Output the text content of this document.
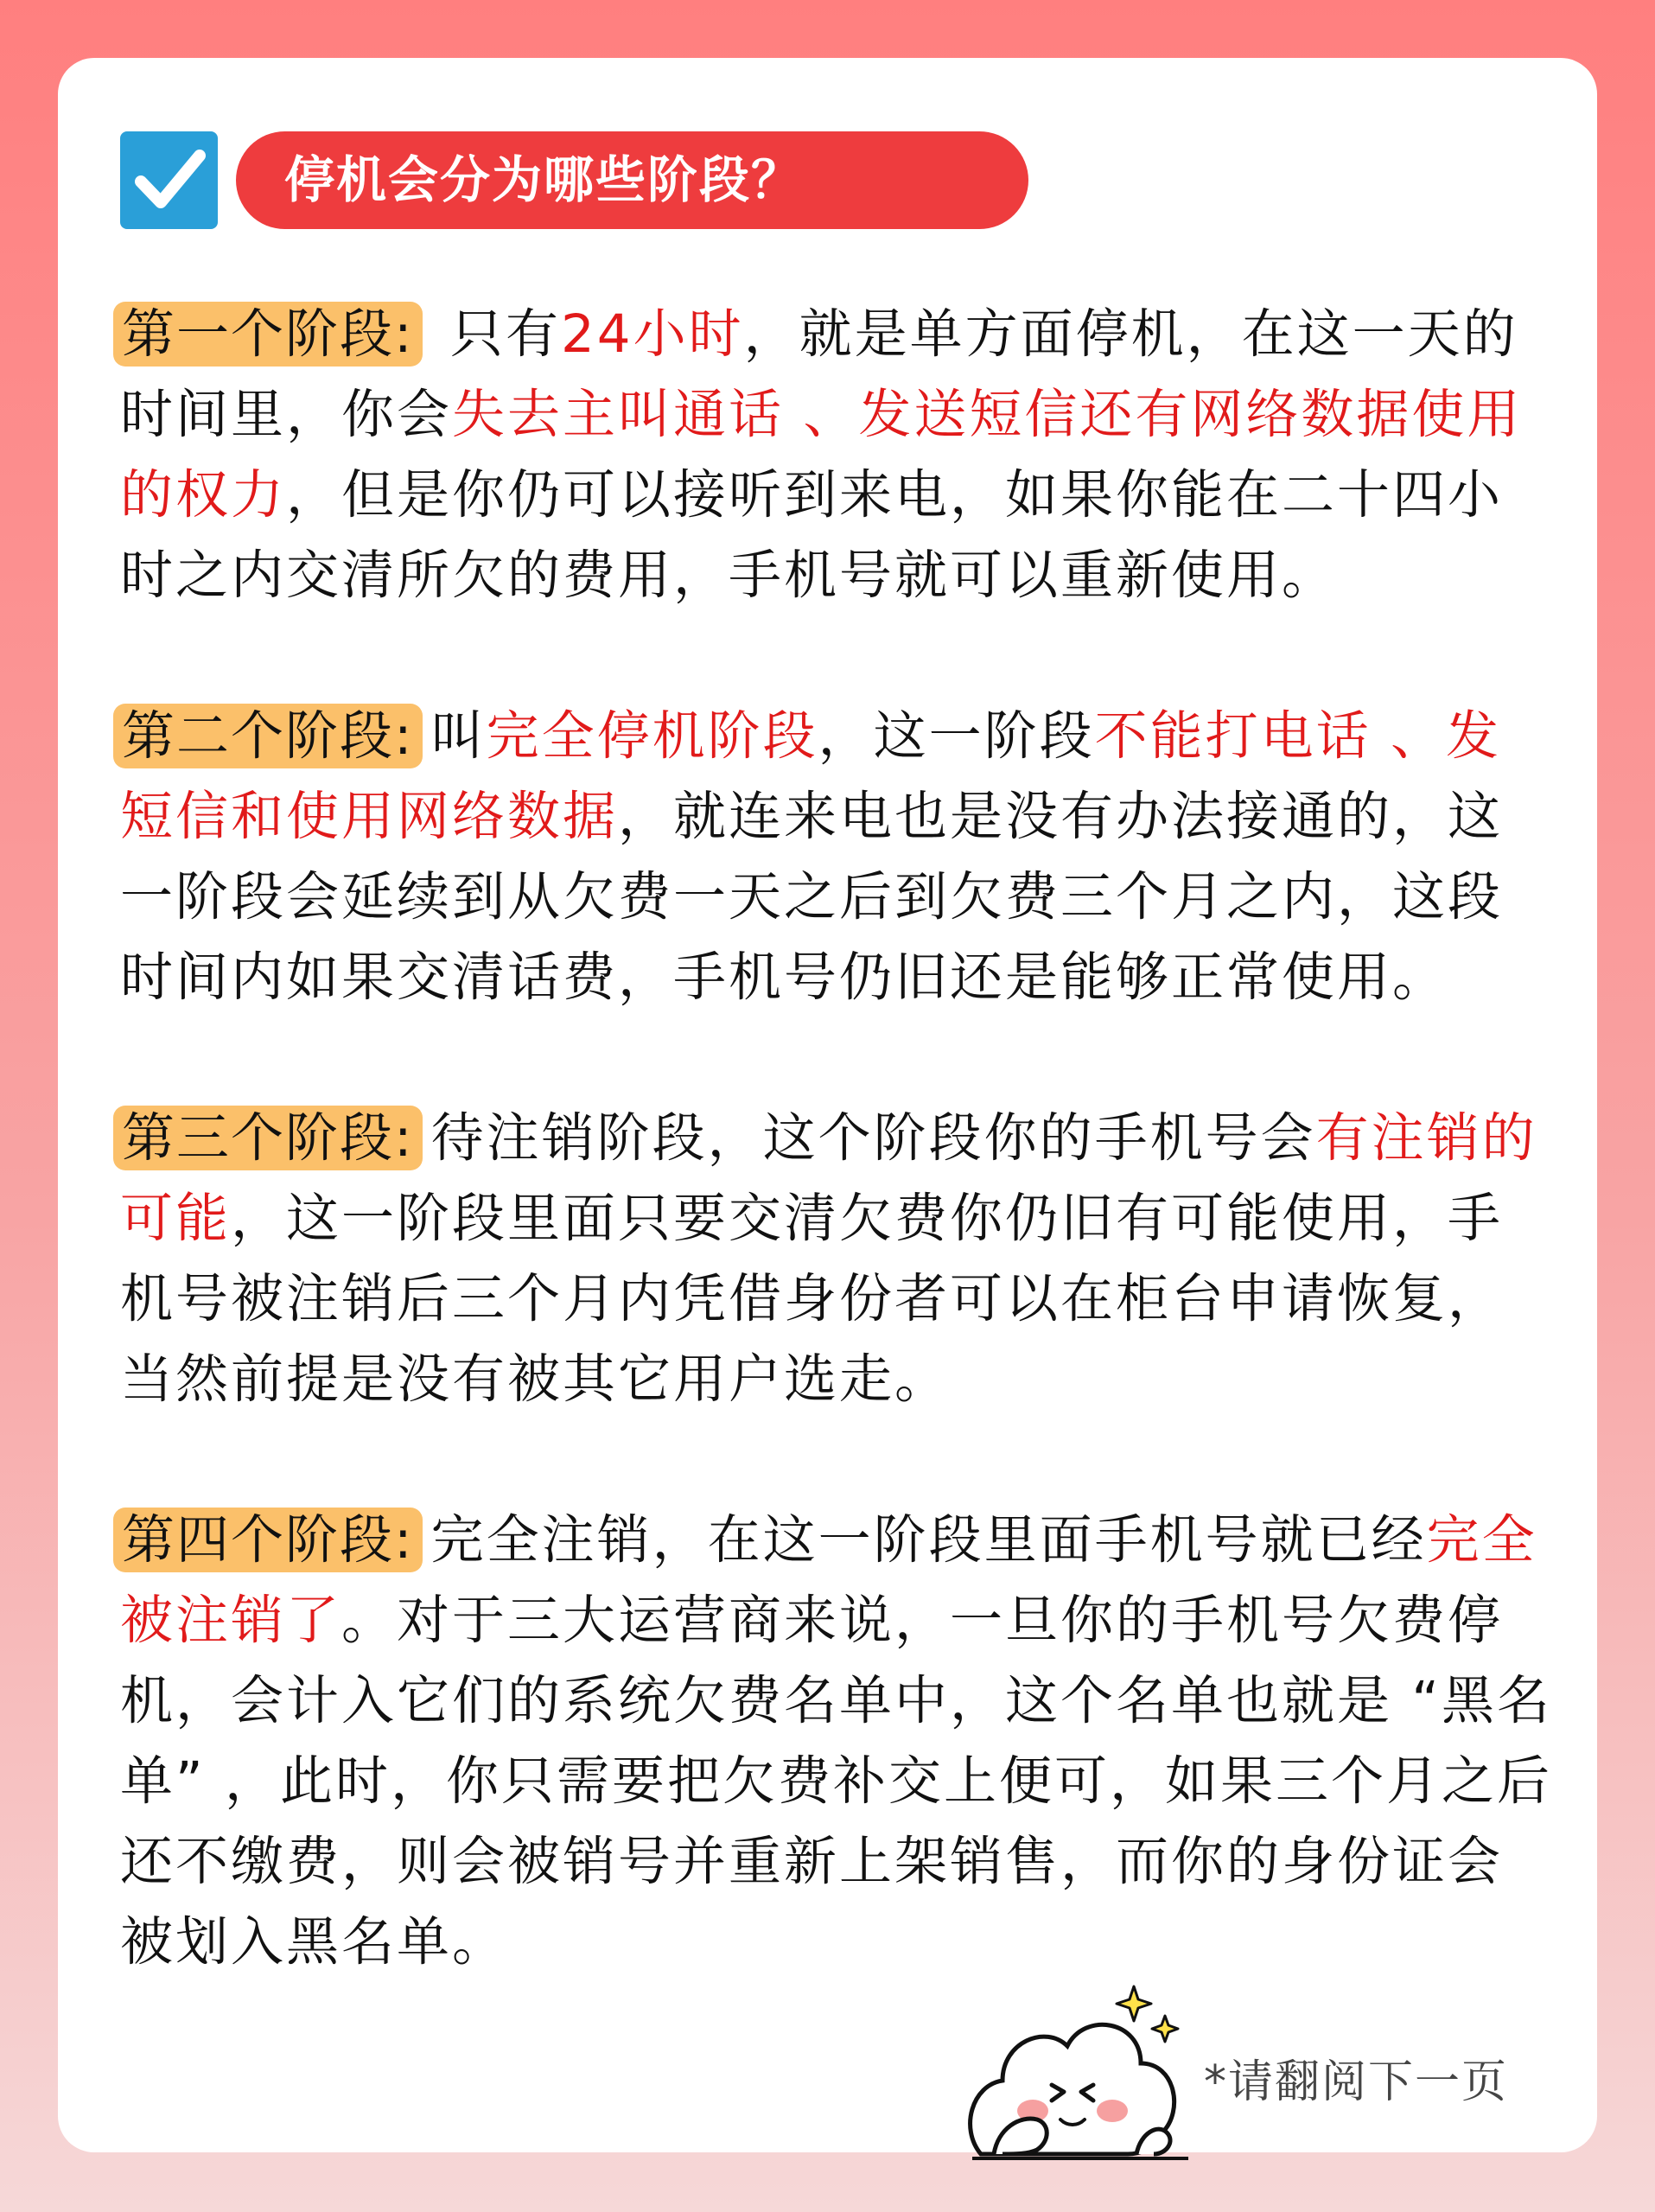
停机会分为哪些阶段？
第一个阶段: 只有24小时，就是单方面停机，在这一天的时间里，你会失去主叫通话 、发送短信还有网络数据使用的权力，但是你仍可以接听到来电，如果你能在二十四小时之内交清所欠的费用，手机号就可以重新使用。
第二个阶段: 叫完全停机阶段，这一阶段不能打电话 、发短信和使用网络数据，就连来电也是没有办法接通的，这一阶段会延续到从欠费一天之后到欠费三个月之内，这段时间内如果交清话费，手机号仍旧还是能够正常使用。
第三个阶段: 待注销阶段，这个阶段你的手机号会有注销的可能，这一阶段里面只要交清欠费你仍旧有可能使用，手机号被注销后三个月内凭借身份者可以在柜台申请恢复，当然前提是没有被其它用户选走。
第四个阶段: 完全注销，在这一阶段里面手机号就已经完全被注销了。对于三大运营商来说，一旦你的手机号欠费停机，会计入它们的系统欠费名单中，这个名单也就是 “黑名单” ，此时，你只需要把欠费补交上便可，如果三个月之后还不缴费，则会被销号并重新上架销售，而你的身份证会被划入黑名单。
*请翻阅下一页
